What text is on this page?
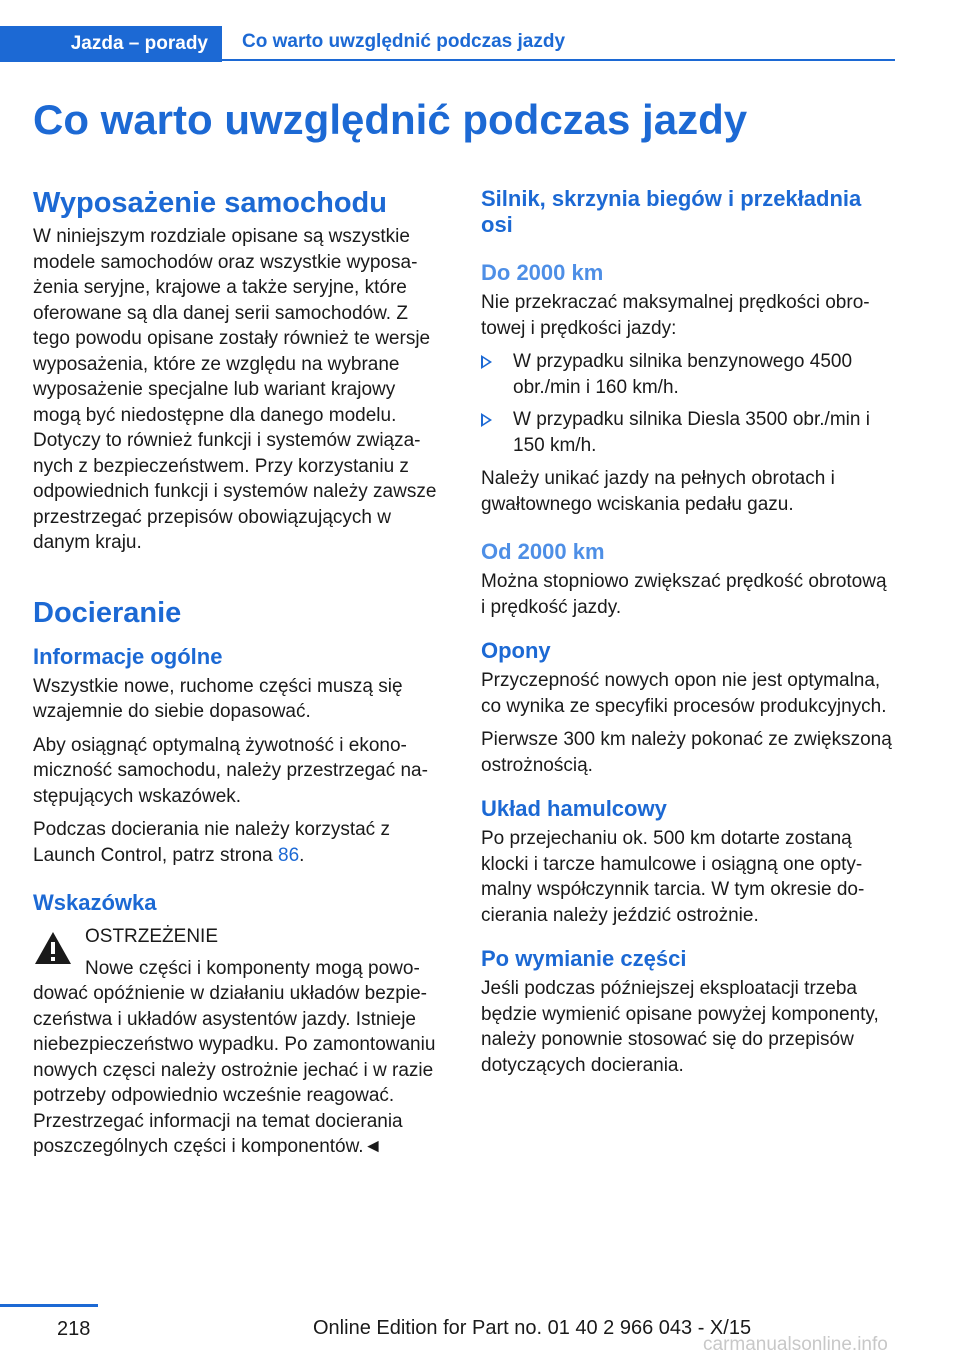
Jazda – porady Co warto uwzględnić podczas jazdy
Co warto uwzględnić podczas jazdy
Wyposażenie samochodu

W niniejszym rozdziale opisane są wszystkie modele samochodów oraz wszystkie wyposażenia seryjne, krajowe a także seryjne, które oferowane są dla danej serii samochodów. Z tego powodu opisane zostały również te wersje wyposażenia, które ze względu na wybrane wyposażenie specjalne lub wariant krajowy mogą być niedostępne dla danego modelu. Dotyczy to również funkcji i systemów związanych z bezpieczeństwem. Przy korzystaniu z odpowiednich funkcji i systemów należy zawsze przestrzegać przepisów obowiązujących w danym kraju.

Docieranie
Informacje ogólne

Wszystkie nowe, ruchome części muszą się wzajemnie do siebie dopasować.

Aby osiągnąć optymalną żywotność i ekonomiczność samochodu, należy przestrzegać następujących wskazówek.

Podczas docierania nie należy korzystać z Launch Control, patrz strona 86.

Wskazówka
OSTRZEŻENIE

Nowe części i komponenty mogą powodować opóźnienie w działaniu układów bezpieczeństwa i układów asystentów jazdy. Istnieje niebezpieczeństwo wypadku. Po zamontowaniu nowych częsci należy ostrożnie jechać i w razie potrzeby odpowiednio wcześnie reagować. Przestrzegać informacji na temat docierania poszczególnych części i komponentów.◄

Silnik, skrzynia biegów i przekładnia osi
Do 2000 km

Nie przekraczać maksymalnej prędkości obrotowej i prędkości jazdy:

W przypadku silnika benzynowego 4500 obr./min i 160 km/h.
W przypadku silnika Diesla 3500 obr./min i 150 km/h.

Należy unikać jazdy na pełnych obrotach i gwałtownego wciskania pedału gazu.

Od 2000 km

Można stopniowo zwiększać prędkość obrotową i prędkość jazdy.

Opony

Przyczepność nowych opon nie jest optymalna, co wynika ze specyfiki procesów produkcyjnych.

Pierwsze 300 km należy pokonać ze zwiększoną ostrożnością.

Układ hamulcowy

Po przejechaniu ok. 500 km dotarte zostaną klocki i tarcze hamulcowe i osiągną one optymalny współczynnik tarcia. W tym okresie docierania należy jeździć ostrożnie.

Po wymianie części

Jeśli podczas późniejszej eksploatacji trzeba będzie wymienić opisane powyżej komponenty, należy ponownie stosować się do przepisów dotyczących docierania.

218	Online Edition for Part no. 01 40 2 966 043 - X/15
carmanualsonline.info
